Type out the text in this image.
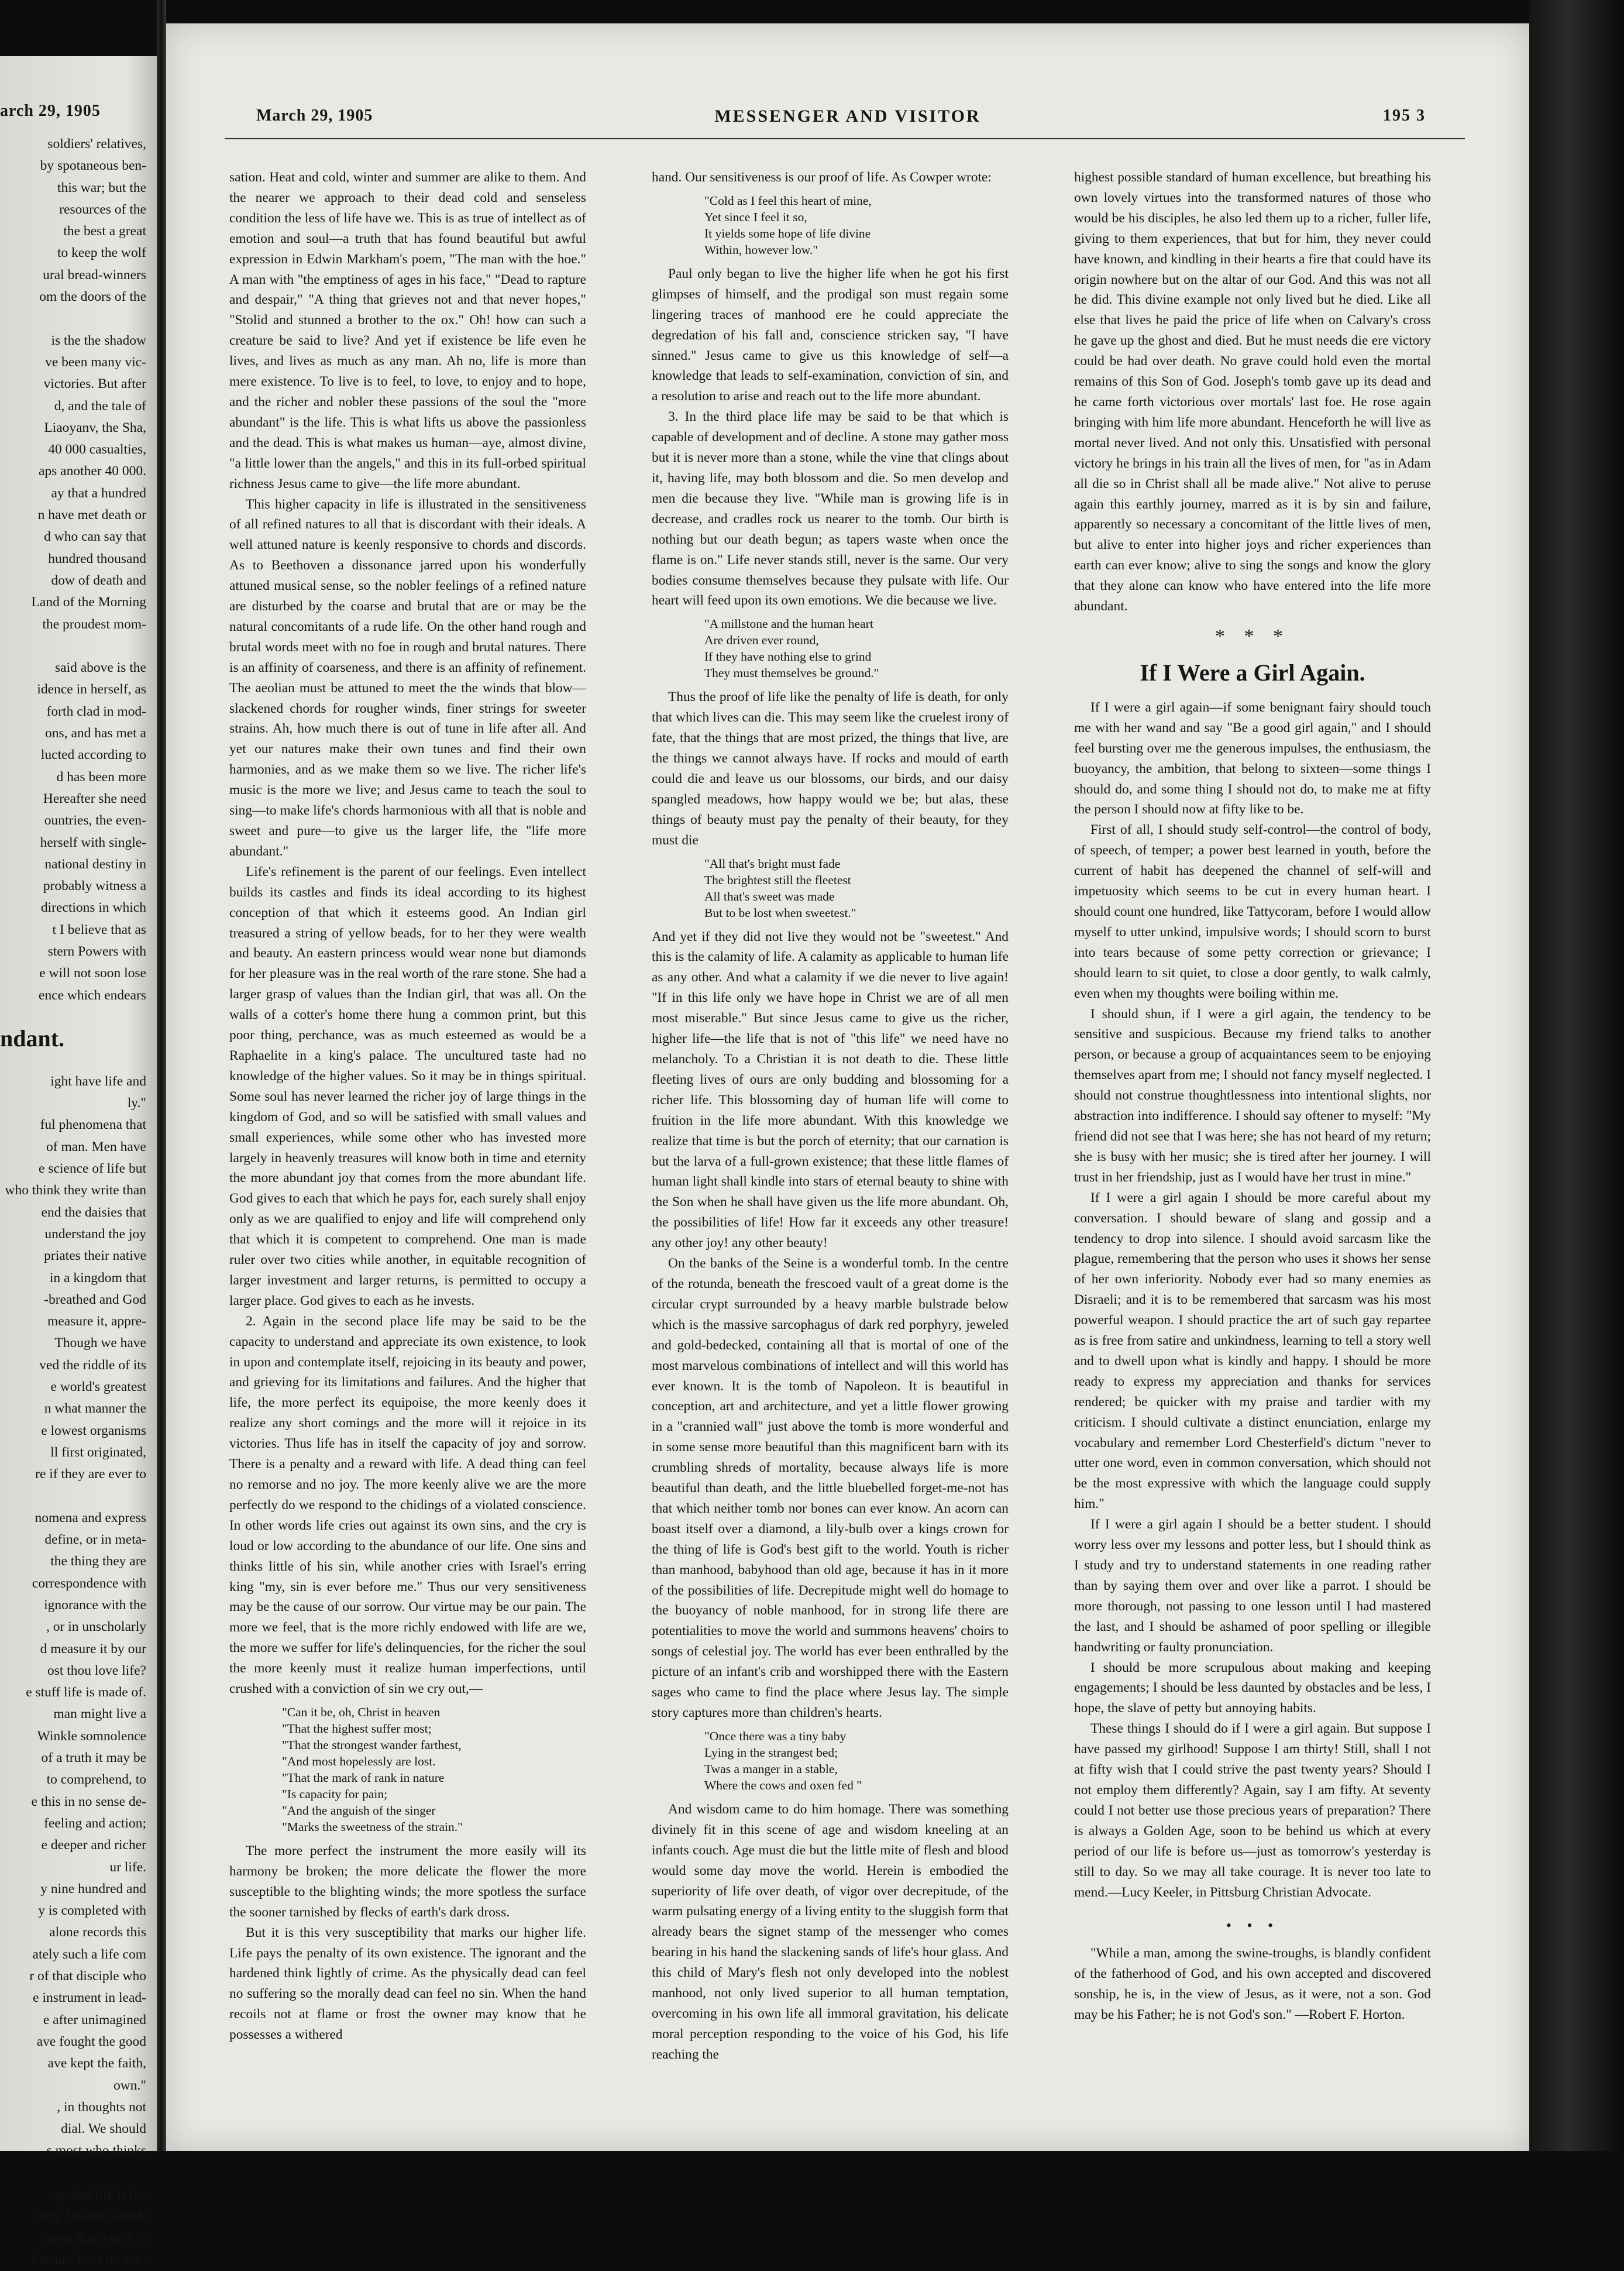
arch 29, 1905
soldiers' relatives,
by spotaneous ben-
this war; but the
resources of the
the best a great
to keep the wolf
ural bread-winners
om the doors of the
is the the shadow
ve been many vic-
victories. But after
d, and the tale of
Liaoyanv, the Sha,
40 000 casualties,
aps another 40 000.
ay that a hundred
n have met death or
d who can say that
hundred thousand
dow of death and
Land of the Morning
the proudest mom-
said above is the
idence in herself, as
forth clad in mod-
ons, and has met a
lucted according to
d has been more
Hereafter she need
ountries, the even-
herself with single-
national destiny in
probably witness a
directions in which
t I believe that as
stern Powers with
e will not soon lose
ence which endears
ndant.
ight have life and
ly."
ful phenomena that
of man. Men have
e science of life but
who think they write than
end the daisies that
understand the joy
priates their native
in a kingdom that
-breathed and God
measure it, appre-
Though we have
ved the riddle of its
e world's greatest
n what manner the
e lowest organisms
ll first originated,
re if they are ever to
nomena and express
define, or in meta-
the thing they are
correspondence with
ignorance with the
, or in unscholarly
d measure it by our
ost thou love life?
e stuff life is made of.
man might live a
Winkle somnolence
of a truth it may be
to comprehend, to
e this in no sense de-
feeling and action;
e deeper and richer
ur life.
y nine hundred and
y is completed with
alone records this
ately such a life com
r of that disciple who
e instrument in lead-
e after unimagined
ave fought the good
ave kept the faith,
own."
, in thoughts not
dial. We should
s most who thinks
ay that life is the
njoy. In other words
ween that which is
l stones have no sen-
March 29, 1905	MESSENGER AND VISITOR	195 3

sation. Heat and cold, winter and summer are alike to them. And the nearer we approach to their dead cold and senseless condition the less of life have we. This is as true of intellect as of emotion and soul—a truth that has found beautiful but awful expression in Edwin Markham's poem, "The man with the hoe." A man with "the emptiness of ages in his face," "Dead to rapture and despair," "A thing that grieves not and that never hopes," "Stolid and stunned a brother to the ox." Oh! how can such a creature be said to live? And yet if existence be life even he lives, and lives as much as any man. Ah no, life is more than mere existence. To live is to feel, to love, to enjoy and to hope, and the richer and nobler these passions of the soul the "more abundant" is the life. This is what lifts us above the passionless and the dead. This is what makes us human—aye, almost divine, "a little lower than the angels," and this in its full-orbed spiritual richness Jesus came to give—the life more abundant.

This higher capacity in life is illustrated in the sensitiveness of all refined natures to all that is discordant with their ideals. A well attuned nature is keenly responsive to chords and discords. As to Beethoven a dissonance jarred upon his wonderfully attuned musical sense, so the nobler feelings of a refined nature are disturbed by the coarse and brutal that are or may be the natural concomitants of a rude life. On the other hand rough and brutal words meet with no foe in rough and brutal natures. There is an affinity of coarseness, and there is an affinity of refinement. The aeolian must be attuned to meet the the winds that blow—slackened chords for rougher winds, finer strings for sweeter strains. Ah, how much there is out of tune in life after all. And yet our natures make their own tunes and find their own harmonies, and as we make them so we live. The richer life's music is the more we live; and Jesus came to teach the soul to sing—to make life's chords harmonious with all that is noble and sweet and pure—to give us the larger life, the "life more abundant."

Life's refinement is the parent of our feelings. Even intellect builds its castles and finds its ideal according to its highest conception of that which it esteems good. An Indian girl treasured a string of yellow beads, for to her they were wealth and beauty. An eastern princess would wear none but diamonds for her pleasure was in the real worth of the rare stone. She had a larger grasp of values than the Indian girl, that was all. On the walls of a cotter's home there hung a common print, but this poor thing, perchance, was as much esteemed as would be a Raphaelite in a king's palace. The uncultured taste had no knowledge of the higher values. So it may be in things spiritual. Some soul has never learned the richer joy of large things in the kingdom of God, and so will be satisfied with small values and small experiences, while some other who has invested more largely in heavenly treasures will know both in time and eternity the more abundant joy that comes from the more abundant life. God gives to each that which he pays for, each surely shall enjoy only as we are qualified to enjoy and life will comprehend only that which it is competent to comprehend. One man is made ruler over two cities while another, in equitable recognition of larger investment and larger returns, is permitted to occupy a larger place. God gives to each as he invests.

2. Again in the second place life may be said to be the capacity to understand and appreciate its own existence, to look in upon and contemplate itself, rejoicing in its beauty and power, and grieving for its limitations and failures. And the higher that life, the more perfect its equipoise, the more keenly does it realize any short comings and the more will it rejoice in its victories. Thus life has in itself the capacity of joy and sorrow. There is a penalty and a reward with life. A dead thing can feel no remorse and no joy. The more keenly alive we are the more perfectly do we respond to the chidings of a violated conscience. In other words life cries out against its own sins, and the cry is loud or low according to the abundance of our life. One sins and thinks little of his sin, while another cries with Israel's erring king "my, sin is ever before me." Thus our very sensitiveness may be the cause of our sorrow. Our virtue may be our pain. The more we feel, that is the more richly endowed with life are we, the more we suffer for life's delinquencies, for the richer the soul the more keenly must it realize human imperfections, until crushed with a conviction of sin we cry out,—

"Can it be, oh, Christ in heaven
"That the highest suffer most;
"That the strongest wander farthest,
"And most hopelessly are lost.
"That the mark of rank in nature
"Is capacity for pain;
"And the anguish of the singer
"Marks the sweetness of the strain."

The more perfect the instrument the more easily will its harmony be broken; the more delicate the flower the more susceptible to the blighting winds; the more spotless the surface the sooner tarnished by flecks of earth's dark dross.

But it is this very susceptibility that marks our higher life. Life pays the penalty of its own existence. The ignorant and the hardened think lightly of crime. As the physically dead can feel no suffering so the morally dead can feel no sin. When the hand recoils not at flame or frost the owner may know that he possesses a withered

hand. Our sensitiveness is our proof of life. As Cowper wrote:

"Cold as I feel this heart of mine,
Yet since I feel it so,
It yields some hope of life divine
Within, however low."

Paul only began to live the higher life when he got his first glimpses of himself, and the prodigal son must regain some lingering traces of manhood ere he could appreciate the degredation of his fall and, conscience stricken say, "I have sinned." Jesus came to give us this knowledge of self—a knowledge that leads to self-examination, conviction of sin, and a resolution to arise and reach out to the life more abundant.

3. In the third place life may be said to be that which is capable of development and of decline. A stone may gather moss but it is never more than a stone, while the vine that clings about it, having life, may both blossom and die. So men develop and men die because they live. "While man is growing life is in decrease, and cradles rock us nearer to the tomb. Our birth is nothing but our death begun; as tapers waste when once the flame is on." Life never stands still, never is the same. Our very bodies consume themselves because they pulsate with life. Our heart will feed upon its own emotions. We die because we live.

"A millstone and the human heart
Are driven ever round,
If they have nothing else to grind
They must themselves be ground."

Thus the proof of life like the penalty of life is death, for only that which lives can die. This may seem like the cruelest irony of fate, that the things that are most prized, the things that live, are the things we cannot always have. If rocks and mould of earth could die and leave us our blossoms, our birds, and our daisy spangled meadows, how happy would we be; but alas, these things of beauty must pay the penalty of their beauty, for they must die

"All that's bright must fade
The brightest still the fleetest
All that's sweet was made
But to be lost when sweetest."

And yet if they did not live they would not be "sweetest." And this is the calamity of life. A calamity as applicable to human life as any other. And what a calamity if we die never to live again! "If in this life only we have hope in Christ we are of all men most miserable." But since Jesus came to give us the richer, higher life—the life that is not of "this life" we need have no melancholy. To a Christian it is not death to die. These little fleeting lives of ours are only budding and blossoming for a richer life. This blossoming day of human life will come to fruition in the life more abundant. With this knowledge we realize that time is but the porch of eternity; that our carnation is but the larva of a full-grown existence; that these little flames of human light shall kindle into stars of eternal beauty to shine with the Son when he shall have given us the life more abundant. Oh, the possibilities of life! How far it exceeds any other treasure! any other joy! any other beauty!

On the banks of the Seine is a wonderful tomb. In the centre of the rotunda, beneath the frescoed vault of a great dome is the circular crypt surrounded by a heavy marble bulstrade below which is the massive sarcophagus of dark red porphyry, jeweled and gold-bedecked, containing all that is mortal of one of the most marvelous combinations of intellect and will this world has ever known. It is the tomb of Napoleon. It is beautiful in conception, art and architecture, and yet a little flower growing in a "crannied wall" just above the tomb is more wonderful and in some sense more beautiful than this magnificent barn with its crumbling shreds of mortality, because always life is more beautiful than death, and the little bluebelled forget-me-not has that which neither tomb nor bones can ever know. An acorn can boast itself over a diamond, a lily-bulb over a kings crown for the thing of life is God's best gift to the world. Youth is richer than manhood, babyhood than old age, because it has in it more of the possibilities of life. Decrepitude might well do homage to the buoyancy of noble manhood, for in strong life there are potentialities to move the world and summons heavens' choirs to songs of celestial joy. The world has ever been enthralled by the picture of an infant's crib and worshipped there with the Eastern sages who came to find the place where Jesus lay. The simple story captures more than children's hearts.

"Once there was a tiny baby
Lying in the strangest bed;
Twas a manger in a stable,
Where the cows and oxen fed "

And wisdom came to do him homage. There was something divinely fit in this scene of age and wisdom kneeling at an infants couch. Age must die but the little mite of flesh and blood would some day move the world. Herein is embodied the superiority of life over death, of vigor over decrepitude, of the warm pulsating energy of a living entity to the sluggish form that already bears the signet stamp of the messenger who comes bearing in his hand the slackening sands of life's hour glass. And this child of Mary's flesh not only developed into the noblest manhood, not only lived superior to all human temptation, overcoming in his own life all immoral gravitation, his delicate moral perception responding to the voice of his God, his life reaching the

highest possible standard of human excellence, but breathing his own lovely virtues into the transformed natures of those who would be his disciples, he also led them up to a richer, fuller life, giving to them experiences, that but for him, they never could have known, and kindling in their hearts a fire that could have its origin nowhere but on the altar of our God. And this was not all he did. This divine example not only lived but he died. Like all else that lives he paid the price of life when on Calvary's cross he gave up the ghost and died. But he must needs die ere victory could be had over death. No grave could hold even the mortal remains of this Son of God. Joseph's tomb gave up its dead and he came forth victorious over mortals' last foe. He rose again bringing with him life more abundant. Henceforth he will live as mortal never lived. And not only this. Unsatisfied with personal victory he brings in his train all the lives of men, for "as in Adam all die so in Christ shall all be made alive." Not alive to peruse again this earthly journey, marred as it is by sin and failure, apparently so necessary a concomitant of the little lives of men, but alive to enter into higher joys and richer experiences than earth can ever know; alive to sing the songs and know the glory that they alone can know who have entered into the life more abundant.

* * *
If I Were a Girl Again.

If I were a girl again—if some benignant fairy should touch me with her wand and say "Be a good girl again," and I should feel bursting over me the generous impulses, the enthusiasm, the buoyancy, the ambition, that belong to sixteen—some things I should do, and some thing I should not do, to make me at fifty the person I should now at fifty like to be.

First of all, I should study self-control—the control of body, of speech, of temper; a power best learned in youth, before the current of habit has deepened the channel of self-will and impetuosity which seems to be cut in every human heart. I should count one hundred, like Tattycoram, before I would allow myself to utter unkind, impulsive words; I should scorn to burst into tears because of some petty correction or grievance; I should learn to sit quiet, to close a door gently, to walk calmly, even when my thoughts were boiling within me.

I should shun, if I were a girl again, the tendency to be sensitive and suspicious. Because my friend talks to another person, or because a group of acquaintances seem to be enjoying themselves apart from me; I should not fancy myself neglected. I should not construe thoughtlessness into intentional slights, nor abstraction into indifference. I should say oftener to myself: "My friend did not see that I was here; she has not heard of my return; she is busy with her music; she is tired after her journey. I will trust in her friendship, just as I would have her trust in mine."

If I were a girl again I should be more careful about my conversation. I should beware of slang and gossip and a tendency to drop into silence. I should avoid sarcasm like the plague, remembering that the person who uses it shows her sense of her own inferiority. Nobody ever had so many enemies as Disraeli; and it is to be remembered that sarcasm was his most powerful weapon. I should practice the art of such gay repartee as is free from satire and unkindness, learning to tell a story well and to dwell upon what is kindly and happy. I should be more ready to express my appreciation and thanks for services rendered; be quicker with my praise and tardier with my criticism. I should cultivate a distinct enunciation, enlarge my vocabulary and remember Lord Chesterfield's dictum "never to utter one word, even in common conversation, which should not be the most expressive with which the language could supply him."

If I were a girl again I should be a better student. I should worry less over my lessons and potter less, but I should think as I study and try to understand statements in one reading rather than by saying them over and over like a parrot. I should be more thorough, not passing to one lesson until I had mastered the last, and I should be ashamed of poor spelling or illegible handwriting or faulty pronunciation.

I should be more scrupulous about making and keeping engagements; I should be less daunted by obstacles and be less, I hope, the slave of petty but annoying habits.

These things I should do if I were a girl again. But suppose I have passed my girlhood! Suppose I am thirty! Still, shall I not at fifty wish that I could strive the past twenty years? Should I not employ them differently? Again, say I am fifty. At seventy could I not better use those precious years of preparation? There is always a Golden Age, soon to be behind us which at every period of our life is before us—just as tomorrow's yesterday is still to day. So we may all take courage. It is never too late to mend.—Lucy Keeler, in Pittsburg Christian Advocate.

• • •

"While a man, among the swine-troughs, is blandly confident of the fatherhood of God, and his own accepted and discovered sonship, he is, in the view of Jesus, as it were, not a son. God may be his Father; he is not God's son." —Robert F. Horton.
